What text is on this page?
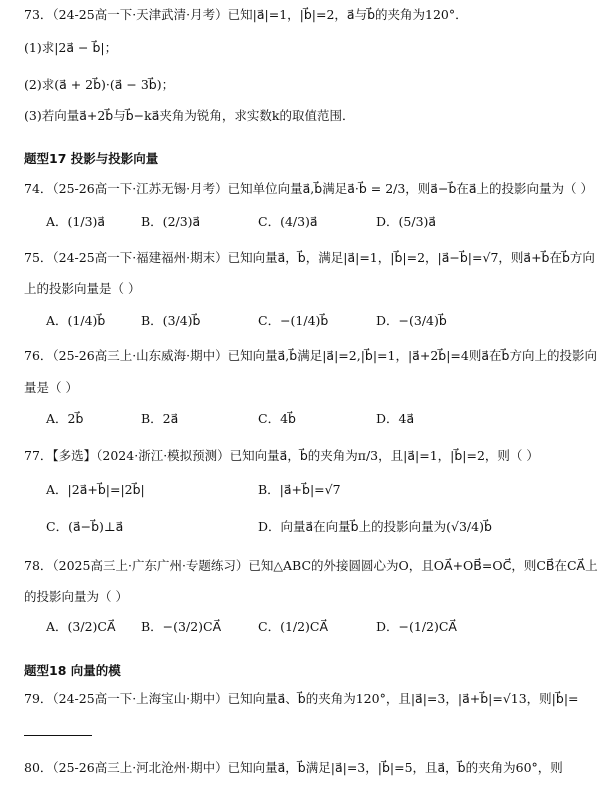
73．（24-25高一下·天津武清·月考）已知|a⃗|=1，|b⃗|=2，a⃗与b⃗的夹角为120°．
(1)求|2a⃗ − b⃗|；
(2)求(a⃗ + 2b⃗)·(a⃗ − 3b⃗)；
(3)若向量a⃗+2b⃗与b⃗−ka⃗夹角为锐角，求实数k的取值范围．
题型17 投影与投影向量
74．（25-26高一下·江苏无锡·月考）已知单位向量a⃗,b⃗满足a⃗·b⃗ = 2/3，则a⃗−b⃗在a⃗上的投影向量为（ ）
A．(1/3)a⃗	B．(2/3)a⃗	C．(4/3)a⃗	D．(5/3)a⃗
75．（24-25高一下·福建福州·期末）已知向量a⃗，b⃗，满足|a⃗|=1，|b⃗|=2，|a⃗−b⃗|=√7，则a⃗+b⃗在b⃗方向
上的投影向量是（ ）
A．(1/4)b⃗	B．(3/4)b⃗	C．−(1/4)b⃗	D．−(3/4)b⃗
76．（25-26高三上·山东威海·期中）已知向量a⃗,b⃗满足|a⃗|=2,|b⃗|=1，|a⃗+2b⃗|=4则a⃗在b⃗方向上的投影向
量是（ ）
A．2b⃗	B．2a⃗	C．4b⃗	D．4a⃗
77．【多选】（2024·浙江·模拟预测）已知向量a⃗，b⃗的夹角为π/3，且|a⃗|=1，|b⃗|=2，则（ ）
A．|2a⃗+b⃗|=|2b⃗|	B．|a⃗+b⃗|=√7
C．(a⃗−b⃗)⊥a⃗	D．向量a⃗在向量b⃗上的投影向量为(√3/4)b⃗
78．（2025高三上·广东广州·专题练习）已知△ABC的外接圆圆心为O，且OA⃗+OB⃗=OC⃗，则CB⃗在CA⃗上
的投影向量为（ ）
A．(3/2)CA⃗ B．−(3/2)CA⃗	C．(1/2)CA⃗	D．−(1/2)CA⃗
题型18 向量的模
79．（24-25高一下·上海宝山·期中）已知向量a⃗、b⃗的夹角为120°，且|a⃗|=3，|a⃗+b⃗|=√13，则|b⃗|=
80．（25-26高三上·河北沧州·期中）已知向量a⃗，b⃗满足|a⃗|=3，|b⃗|=5，且a⃗，b⃗的夹角为60°，则
